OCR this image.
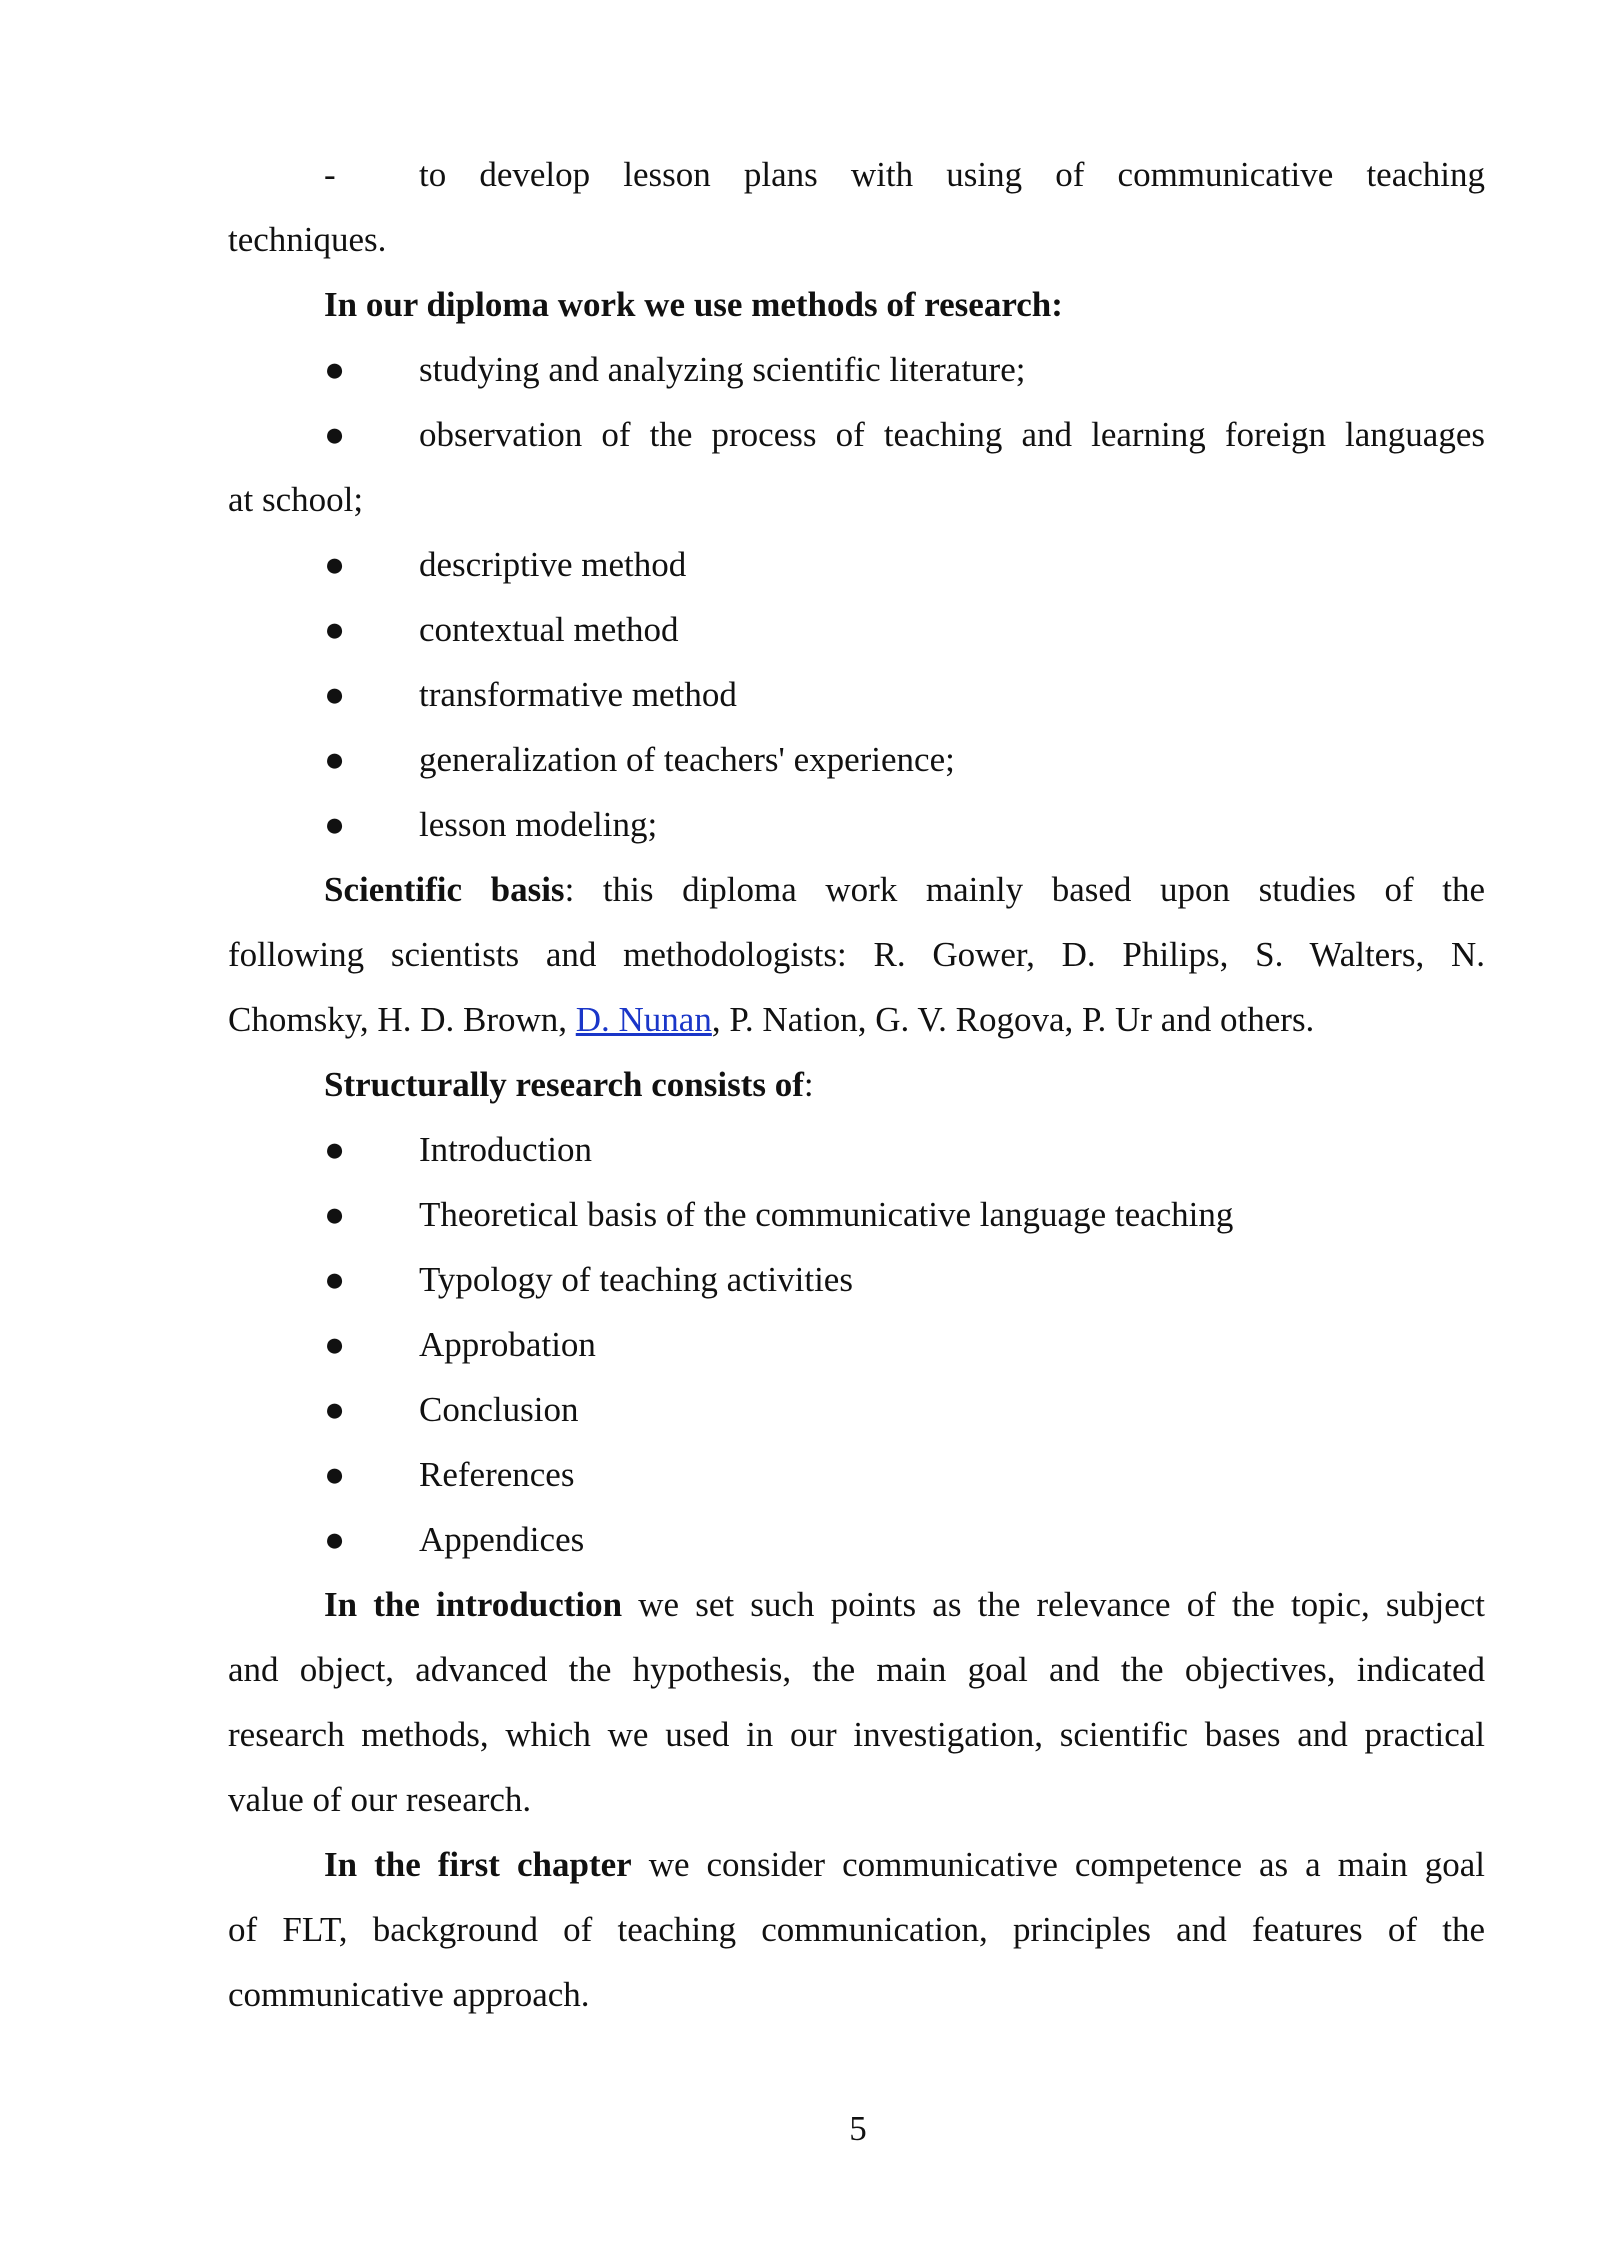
- to develop lesson plans with using of communicative teaching
techniques.
In our diploma work we use methods of research:
● studying and analyzing scientific literature;
● observation of the process of teaching and learning foreign languages
at school;
● descriptive method
● contextual method
● transformative method
● generalization of teachers' experience;
● lesson modeling;
Scientific basis: this diploma work mainly based upon studies of the
following scientists and methodologists: R. Gower, D. Philips, S. Walters, N.
Chomsky, H. D. Brown, D. Nunan, P. Nation, G. V. Rogova, P. Ur and others.
Structurally research consists of:
● Introduction
● Theoretical basis of the communicative language teaching
● Typology of teaching activities
● Approbation
● Conclusion
● References
● Appendices
In the introduction we set such points as the relevance of the topic, subject
and object, advanced the hypothesis, the main goal and the objectives, indicated
research methods, which we used in our investigation, scientific bases and practical
value of our research.
In the first chapter we consider communicative competence as a main goal
of FLT, background of teaching communication, principles and features of the
communicative approach.
5
